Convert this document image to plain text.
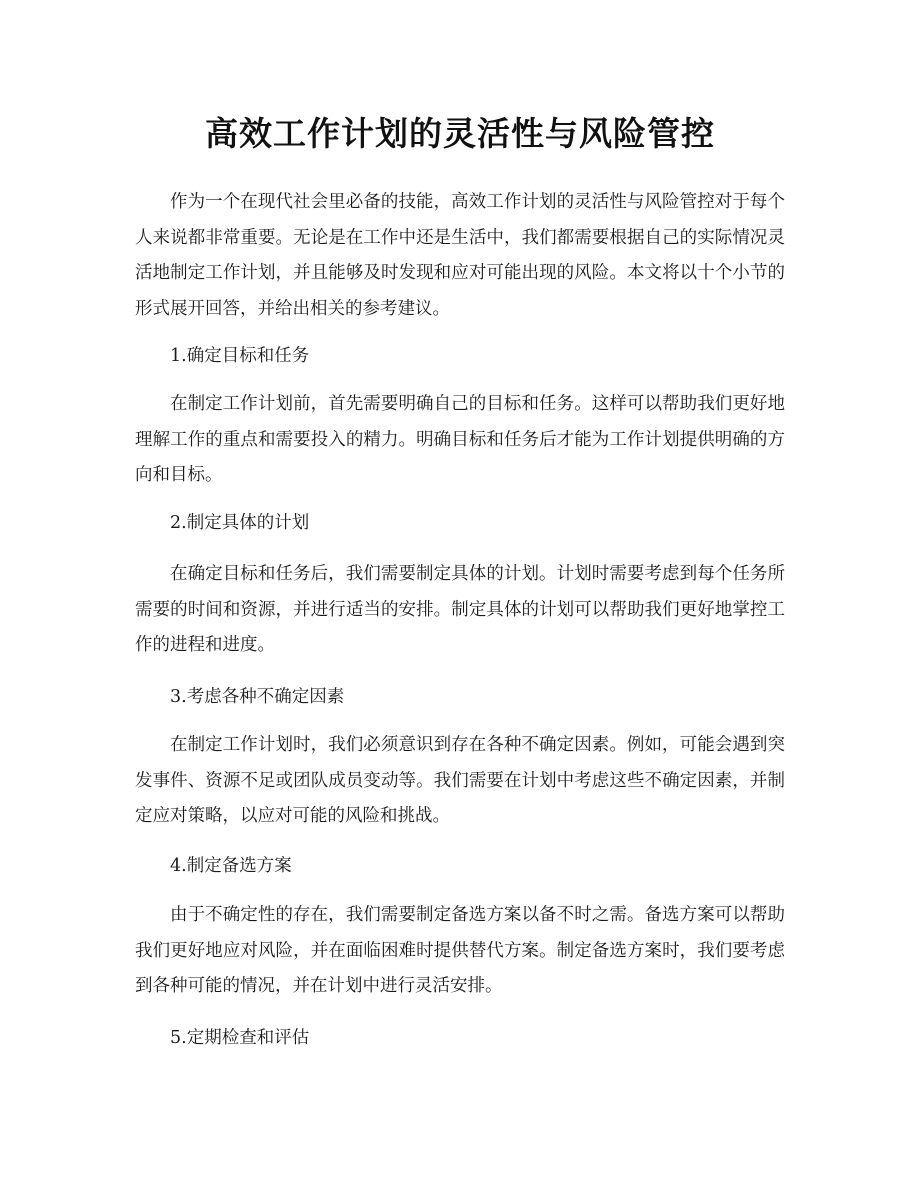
高效工作计划的灵活性与风险管控

作为一个在现代社会里必备的技能，高效工作计划的灵活性与风险管控对于每个人来说都非常重要。无论是在工作中还是生活中，我们都需要根据自己的实际情况灵活地制定工作计划，并且能够及时发现和应对可能出现的风险。本文将以十个小节的形式展开回答，并给出相关的参考建议。

1.确定目标和任务

在制定工作计划前，首先需要明确自己的目标和任务。这样可以帮助我们更好地理解工作的重点和需要投入的精力。明确目标和任务后才能为工作计划提供明确的方向和目标。

2.制定具体的计划

在确定目标和任务后，我们需要制定具体的计划。计划时需要考虑到每个任务所需要的时间和资源，并进行适当的安排。制定具体的计划可以帮助我们更好地掌控工作的进程和进度。

3.考虑各种不确定因素

在制定工作计划时，我们必须意识到存在各种不确定因素。例如，可能会遇到突发事件、资源不足或团队成员变动等。我们需要在计划中考虑这些不确定因素，并制定应对策略，以应对可能的风险和挑战。

4.制定备选方案

由于不确定性的存在，我们需要制定备选方案以备不时之需。备选方案可以帮助我们更好地应对风险，并在面临困难时提供替代方案。制定备选方案时，我们要考虑到各种可能的情况，并在计划中进行灵活安排。

5.定期检查和评估
